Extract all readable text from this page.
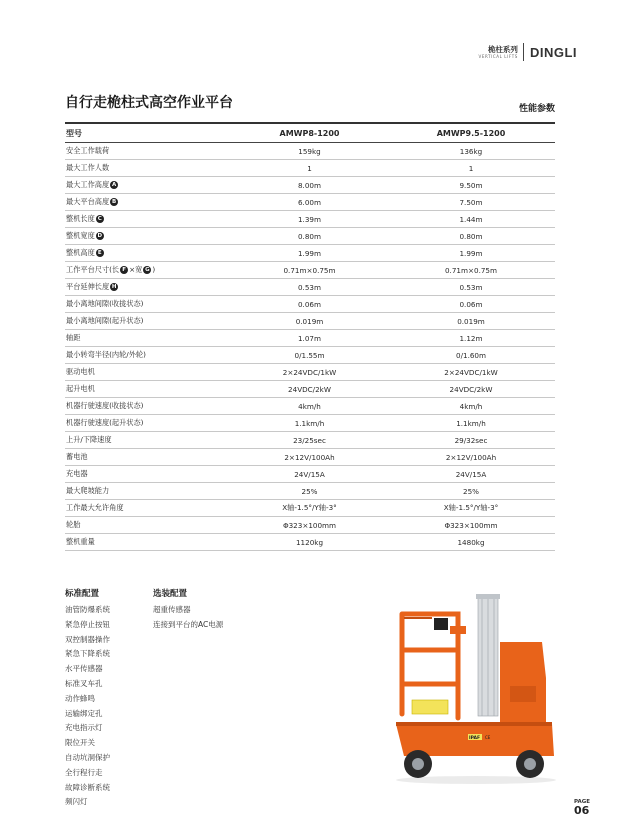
桅柱系列
VERTICAL LIFTS DINGLI
自行走桅柱式高空作业平台	性能参数
型号	AMWP8-1200	AMWP9.5-1200
安全工作载荷	159kg	136kg
最大工作人数	1	1
最大工作高度 A	8.00m	9.50m
最大平台高度 B	6.00m	7.50m
整机长度 C	1.39m	1.44m
整机宽度 D	0.80m	0.80m
整机高度 E	1.99m	1.99m
工作平台尺寸(长 F ×宽 G )	0.71m×0.75m	0.71m×0.75m
平台延伸长度 H	0.53m	0.53m
最小离地间隙(收拢状态)	0.06m	0.06m
最小离地间隙(起升状态)	0.019m	0.019m
轴距	1.07m	1.12m
最小转弯半径(内轮/外轮)	0/1.55m	0/1.60m
驱动电机	2×24VDC/1kW	2×24VDC/1kW
起升电机	24VDC/2kW	24VDC/2kW
机器行驶速度(收拢状态)	4km/h	4km/h
机器行驶速度(起升状态)	1.1km/h	1.1km/h
上升/下降速度	23/25sec	29/32sec
蓄电池	2×12V/100Ah	2×12V/100Ah
充电器	24V/15A	24V/15A
最大爬坡能力	25%	25%
工作最大允许角度	X轴-1.5°/Y轴-3°	X轴-1.5°/Y轴-3°
轮胎	Φ323×100mm	Φ323×100mm
整机重量	1120kg	1480kg
标准配置
油管防爆系统
紧急停止按钮
双控制器操作
紧急下降系统
水平传感器
标准叉车孔
动作蜂鸣
运输绑定孔
充电指示灯
限位开关
自动坑洞保护
全行程行走
故障诊断系统
频闪灯
选装配置
超重传感器
连接到平台的AC电源
IPAF CE
PAGE
06
